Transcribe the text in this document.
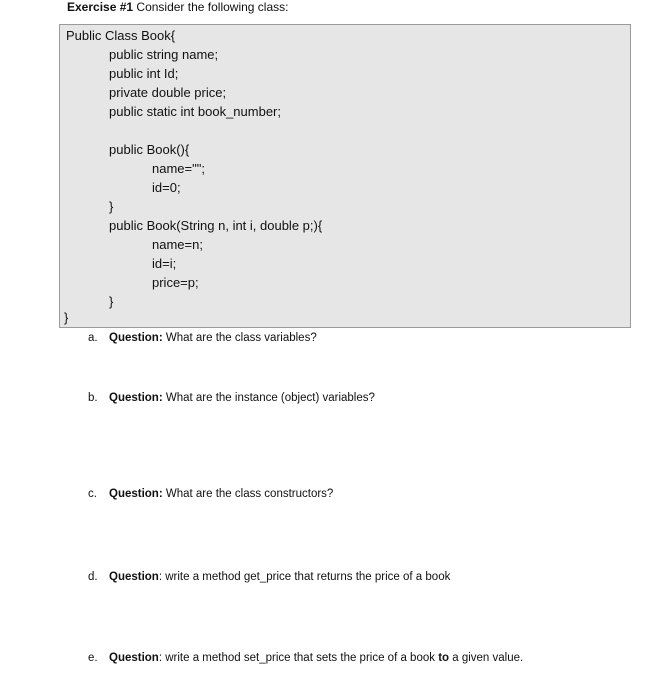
Exercise #1 Consider the following class:
Public Class Book{
public string name;
public int Id;
private double price;
public static int book_number;
public Book(){
name="";
id=0;
}
public Book(String n, int i, double p;){
name=n;
id=i;
price=p;
}
}
a. Question: What are the class variables?
b. Question: What are the instance (object) variables?
c. Question: What are the class constructors?
d. Question: write a method get_price that returns the price of a book
e. Question: write a method set_price that sets the price of a book to a given value.
